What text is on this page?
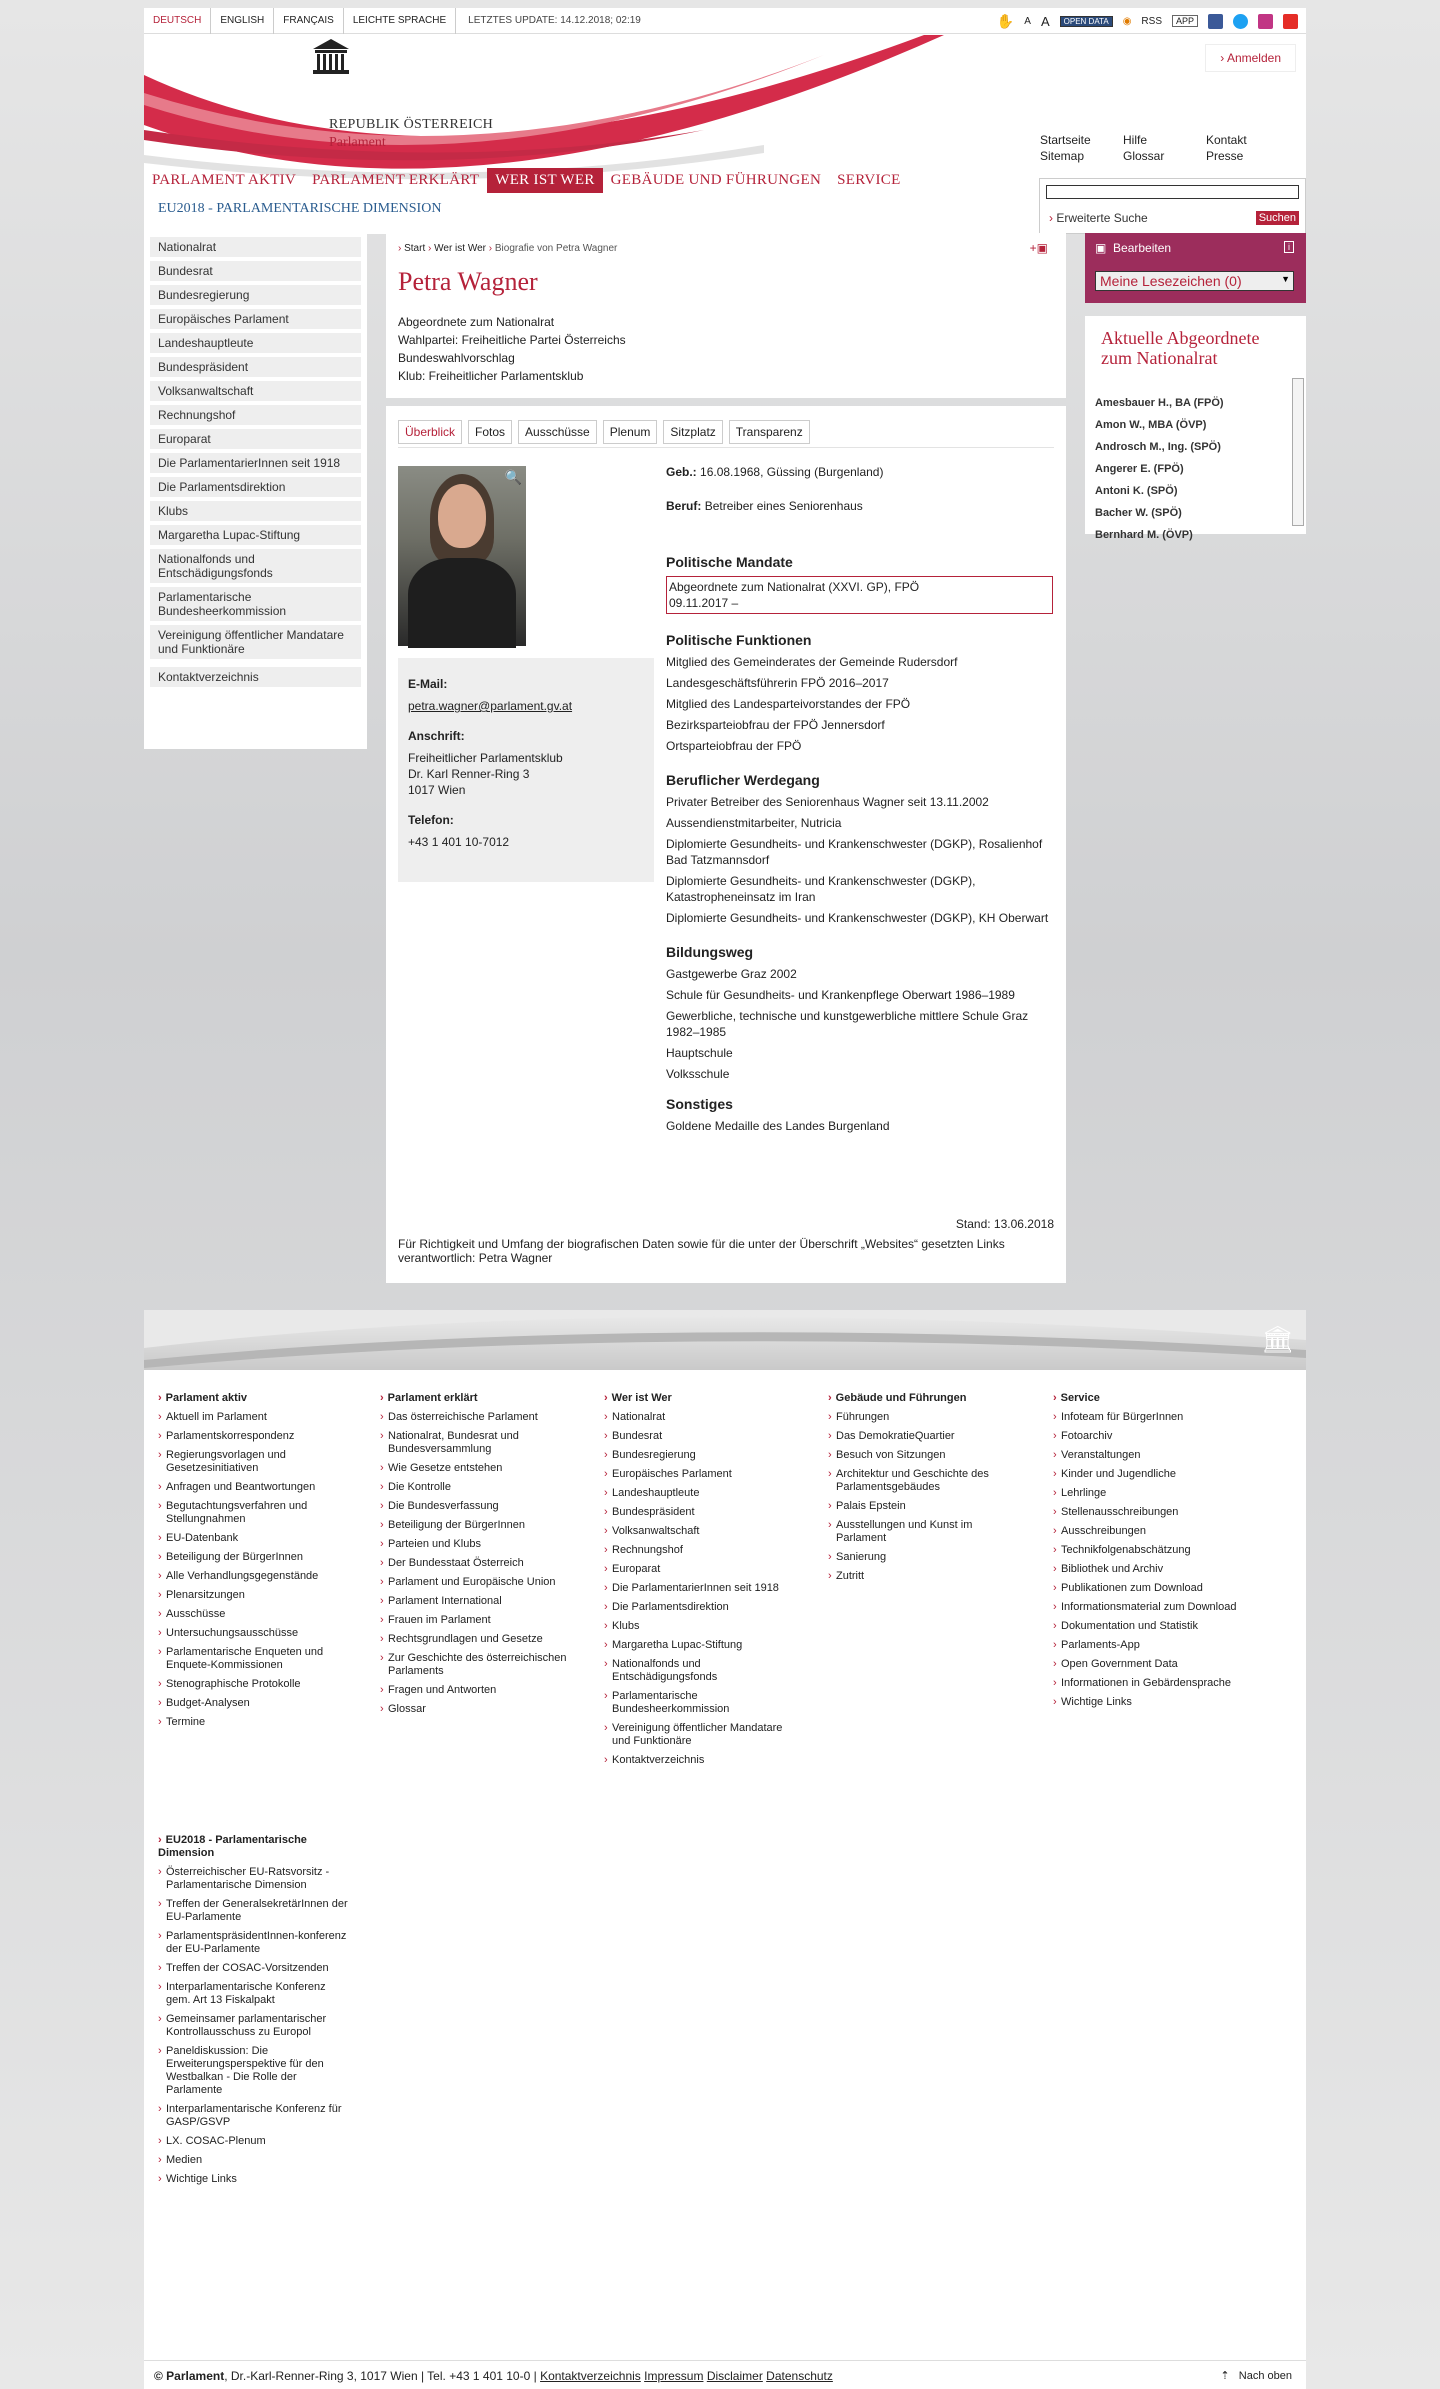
DEUTSCH	ENGLISH	FRANÇAIS	LEICHTE SPRACHE	LETZTES UPDATE: 14.12.2018; 02:19	✋ A A	OPEN DATA	◉ RSS	APP
REPUBLIK ÖSTERREICH
Parlament
› Anmelden
Startseite	Hilfe	Kontakt
Sitemap	Glossar	Presse
PARLAMENT AKTIV	PARLAMENT ERKLÄRT	WER IST WER	GEBÄUDE UND FÜHRUNGEN	SERVICE
EU2018 - PARLAMENTARISCHE DIMENSION
› Erweiterte Suche	Suchen
Nationalrat
Bundesrat
Bundesregierung
Europäisches Parlament
Landeshauptleute
Bundespräsident
Volksanwaltschaft
Rechnungshof
Europarat
Die ParlamentarierInnen seit 1918
Die Parlamentsdirektion
Klubs
Margaretha Lupac-Stiftung
Nationalfonds und Entschädigungsfonds
Parlamentarische Bundesheerkommission
Vereinigung öffentlicher Mandatare und Funktionäre
Kontaktverzeichnis
› Start › Wer ist Wer › Biografie von Petra Wagner	+▣
Petra Wagner
Abgeordnete zum Nationalrat
Wahlpartei: Freiheitliche Partei Österreichs
Bundeswahlvorschlag
Klub: Freiheitlicher Parlamentsklub
Überblick	Fotos	Ausschüsse	Plenum	Sitzplatz	Transparenz
🔍
E-Mail:
petra.wagner@parlament.gv.at
Anschrift:
Freiheitlicher Parlamentsklub
Dr. Karl Renner-Ring 3
1017 Wien
Telefon:
+43 1 401 10-7012
Geb.: 16.08.1968, Güssing (Burgenland)
Beruf: Betreiber eines Seniorenhaus
Politische Mandate
Abgeordnete zum Nationalrat (XXVI. GP), FPÖ
09.11.2017 –
Politische Funktionen
Mitglied des Gemeinderates der Gemeinde Rudersdorf
Landesgeschäftsführerin FPÖ 2016–2017
Mitglied des Landesparteivorstandes der FPÖ
Bezirksparteiobfrau der FPÖ Jennersdorf
Ortsparteiobfrau der FPÖ
Beruflicher Werdegang
Privater Betreiber des Seniorenhaus Wagner seit 13.11.2002
Aussendienstmitarbeiter, Nutricia
Diplomierte Gesundheits- und Krankenschwester (DGKP), Rosalienhof Bad Tatzmannsdorf
Diplomierte Gesundheits- und Krankenschwester (DGKP), Katastropheneinsatz im Iran
Diplomierte Gesundheits- und Krankenschwester (DGKP), KH Oberwart
Bildungsweg
Gastgewerbe Graz 2002
Schule für Gesundheits- und Krankenpflege Oberwart 1986–1989
Gewerbliche, technische und kunstgewerbliche mittlere Schule Graz 1982–1985
Hauptschule
Volksschule
Sonstiges
Goldene Medaille des Landes Burgenland
Stand: 13.06.2018
Für Richtigkeit und Umfang der biografischen Daten sowie für die unter der Überschrift „Websites“ gesetzten Links verantwortlich: Petra Wagner
▣  Bearbeiten	i
Meine Lesezeichen (0)	▼
Aktuelle Abgeordnete zum Nationalrat
Amesbauer H., BA (FPÖ)
Amon W., MBA (ÖVP)
Androsch M., Ing. (SPÖ)
Angerer E. (FPÖ)
Antoni K. (SPÖ)
Bacher W. (SPÖ)
Bernhard M. (ÖVP)
🏛
› Parlament aktiv
› Aktuell im Parlament
› Parlamentskorrespondenz
› Regierungsvorlagen und Gesetzesinitiativen
› Anfragen und Beantwortungen
› Begutachtungsverfahren und Stellungnahmen
› EU-Datenbank
› Beteiligung der BürgerInnen
› Alle Verhandlungsgegenstände
› Plenarsitzungen
› Ausschüsse
› Untersuchungsausschüsse
› Parlamentarische Enqueten und Enquete-Kommissionen
› Stenographische Protokolle
› Budget-Analysen
› Termine
› Parlament erklärt
› Das österreichische Parlament
› Nationalrat, Bundesrat und Bundesversammlung
› Wie Gesetze entstehen
› Die Kontrolle
› Die Bundesverfassung
› Beteiligung der BürgerInnen
› Parteien und Klubs
› Der Bundesstaat Österreich
› Parlament und Europäische Union
› Parlament International
› Frauen im Parlament
› Rechtsgrundlagen und Gesetze
› Zur Geschichte des österreichischen Parlaments
› Fragen und Antworten
› Glossar
› Wer ist Wer
› Nationalrat
› Bundesrat
› Bundesregierung
› Europäisches Parlament
› Landeshauptleute
› Bundespräsident
› Volksanwaltschaft
› Rechnungshof
› Europarat
› Die ParlamentarierInnen seit 1918
› Die Parlamentsdirektion
› Klubs
› Margaretha Lupac-Stiftung
› Nationalfonds und Entschädigungsfonds
› Parlamentarische Bundesheerkommission
› Vereinigung öffentlicher Mandatare und Funktionäre
› Kontaktverzeichnis
› Gebäude und Führungen
› Führungen
› Das DemokratieQuartier
› Besuch von Sitzungen
› Architektur und Geschichte des Parlamentsgebäudes
› Palais Epstein
› Ausstellungen und Kunst im Parlament
› Sanierung
› Zutritt
› Service
› Infoteam für BürgerInnen
› Fotoarchiv
› Veranstaltungen
› Kinder und Jugendliche
› Lehrlinge
› Stellenausschreibungen
› Ausschreibungen
› Technikfolgenabschätzung
› Bibliothek und Archiv
› Publikationen zum Download
› Informationsmaterial zum Download
› Dokumentation und Statistik
› Parlaments-App
› Open Government Data
› Informationen in Gebärdensprache
› Wichtige Links
› EU2018 - Parlamentarische Dimension
› Österreichischer EU-Ratsvorsitz - Parlamentarische Dimension
› Treffen der GeneralsekretärInnen der EU-Parlamente
› ParlamentspräsidentInnen-konferenz der EU-Parlamente
› Treffen der COSAC-Vorsitzenden
› Interparlamentarische Konferenz gem. Art 13 Fiskalpakt
› Gemeinsamer parlamentarischer Kontrollausschuss zu Europol
› Paneldiskussion: Die Erweiterungsperspektive für den Westbalkan - Die Rolle der Parlamente
› Interparlamentarische Konferenz für GASP/GSVP
› LX. COSAC-Plenum
› Medien
› Wichtige Links
© Parlament, Dr.-Karl-Renner-Ring 3, 1017 Wien | Tel. +43 1 401 10-0 | Kontaktverzeichnis Impressum Disclaimer Datenschutz	⇡   Nach oben
